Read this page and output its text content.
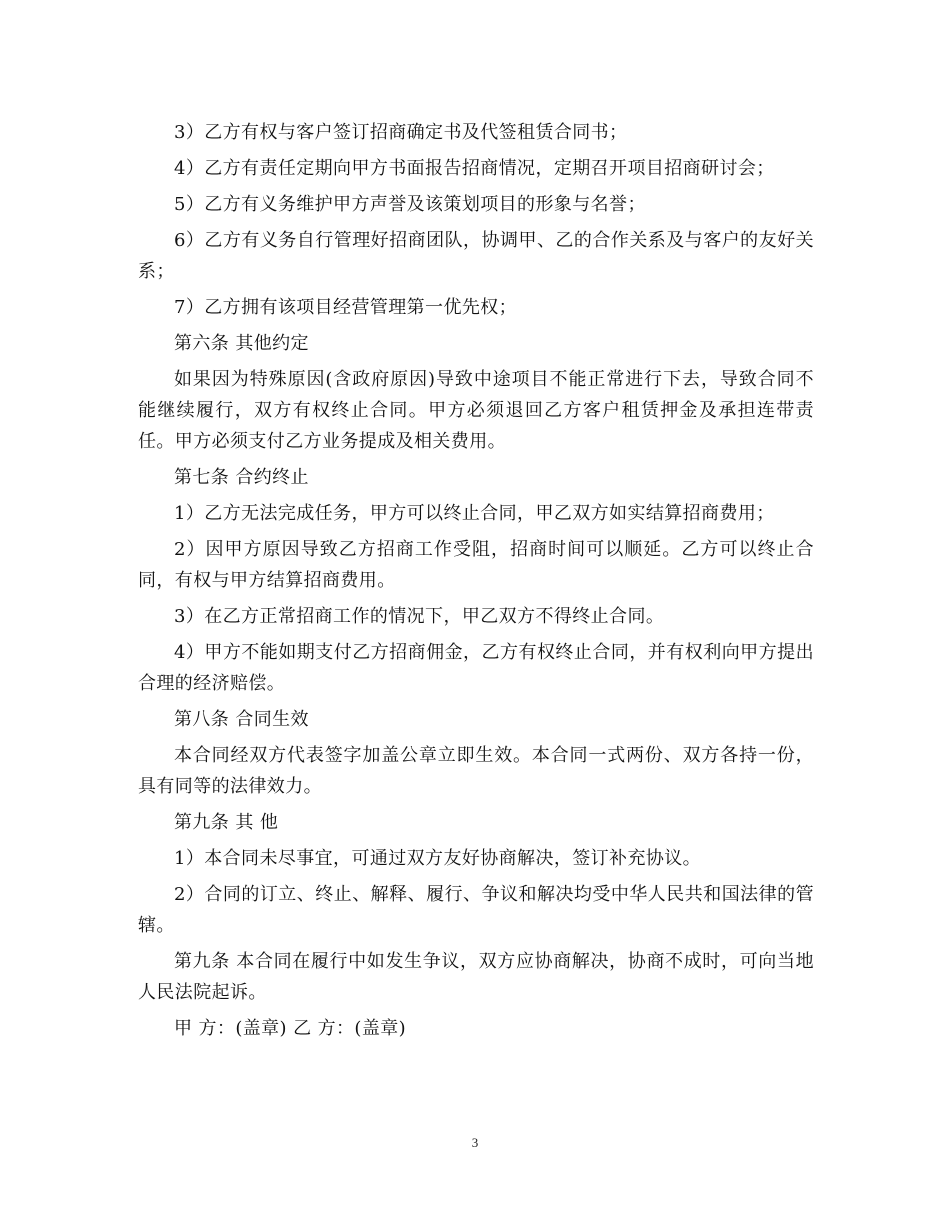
3）乙方有权与客户签订招商确定书及代签租赁合同书；

4）乙方有责任定期向甲方书面报告招商情况，定期召开项目招商研讨会；

5）乙方有义务维护甲方声誉及该策划项目的形象与名誉；

6）乙方有义务自行管理好招商团队，协调甲、乙的合作关系及与客户的友好关系；

7）乙方拥有该项目经营管理第一优先权；

第六条 其他约定

如果因为特殊原因(含政府原因)导致中途项目不能正常进行下去，导致合同不能继续履行，双方有权终止合同。甲方必须退回乙方客户租赁押金及承担连带责任。甲方必须支付乙方业务提成及相关费用。

第七条 合约终止

1）乙方无法完成任务，甲方可以终止合同，甲乙双方如实结算招商费用；

2）因甲方原因导致乙方招商工作受阻，招商时间可以顺延。乙方可以终止合同，有权与甲方结算招商费用。

3）在乙方正常招商工作的情况下，甲乙双方不得终止合同。

4）甲方不能如期支付乙方招商佣金，乙方有权终止合同，并有权利向甲方提出合理的经济赔偿。

第八条 合同生效

本合同经双方代表签字加盖公章立即生效。本合同一式两份、双方各持一份，具有同等的法律效力。

第九条 其 他

1）本合同未尽事宜，可通过双方友好协商解决，签订补充协议。

2）合同的订立、终止、解释、履行、争议和解决均受中华人民共和国法律的管辖。

第九条 本合同在履行中如发生争议，双方应协商解决，协商不成时，可向当地人民法院起诉。

甲 方：(盖章) 乙 方：(盖章)

3
